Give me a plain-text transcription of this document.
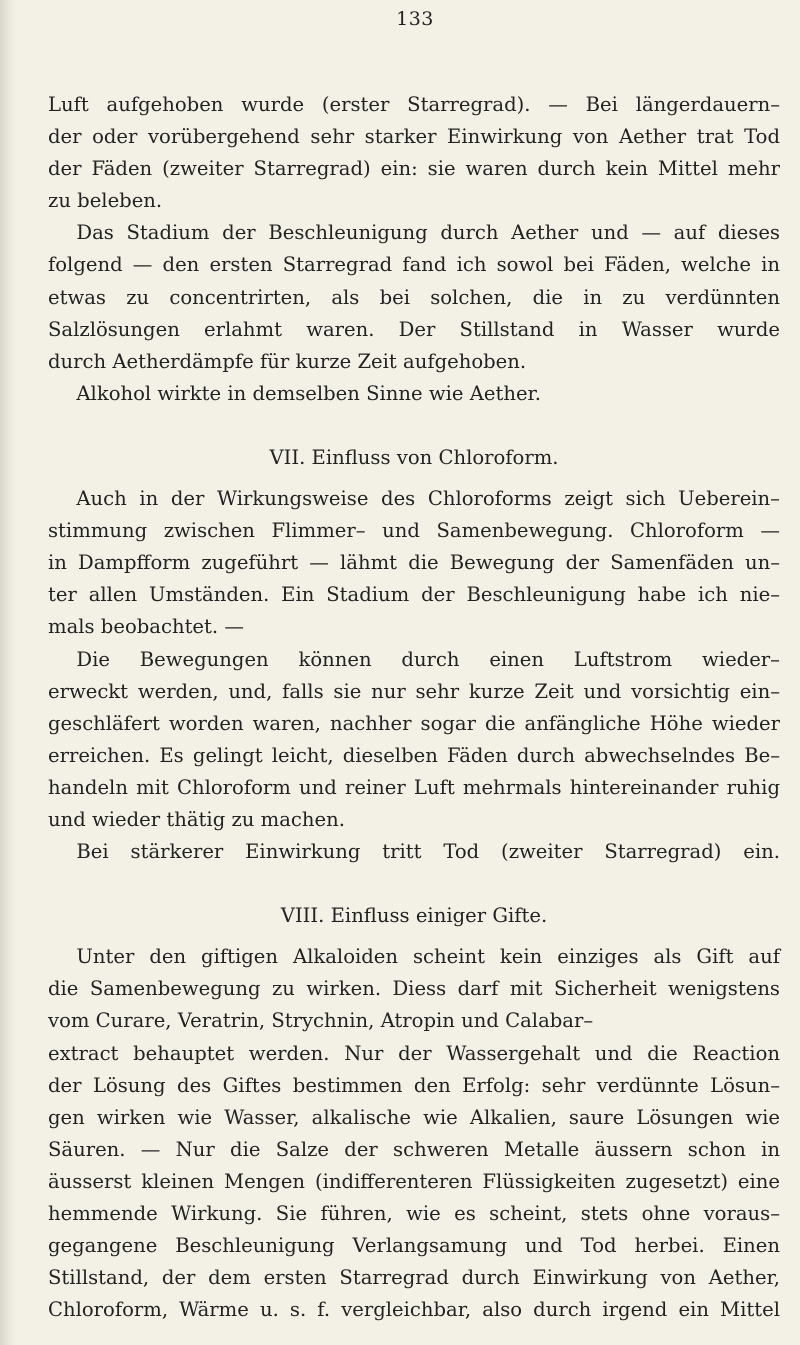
133
Luft aufgehoben wurde (erster Starregrad). — Bei längerdauern–
der oder vorübergehend sehr starker Einwirkung von Aether trat Tod
der Fäden (zweiter Starregrad) ein: sie waren durch kein Mittel mehr
zu beleben.
Das Stadium der Beschleunigung durch Aether und — auf dieses
folgend — den ersten Starregrad fand ich sowol bei Fäden, welche in
etwas zu concentrirten, als bei solchen, die in zu verdünnten
Salzlösungen erlahmt waren. Der Stillstand in Wasser wurde
durch Aetherdämpfe für kurze Zeit aufgehoben.
Alkohol wirkte in demselben Sinne wie Aether.
VII. Einfluss von Chloroform.
Auch in der Wirkungsweise des Chloroforms zeigt sich Ueberein–
stimmung zwischen Flimmer– und Samenbewegung. Chloroform —
in Dampfform zugeführt — lähmt die Bewegung der Samenfäden un–
ter allen Umständen. Ein Stadium der Beschleunigung habe ich nie–
mals beobachtet. —
Die Bewegungen können durch einen Luftstrom wieder–
erweckt werden, und, falls sie nur sehr kurze Zeit und vorsichtig ein–
geschläfert worden waren, nachher sogar die anfängliche Höhe wieder
erreichen. Es gelingt leicht, dieselben Fäden durch abwechselndes Be–
handeln mit Chloroform und reiner Luft mehrmals hintereinander ruhig
und wieder thätig zu machen.
Bei stärkerer Einwirkung tritt Tod (zweiter Starregrad) ein.
VIII. Einfluss einiger Gifte.
Unter den giftigen Alkaloiden scheint kein einziges als Gift auf
die Samenbewegung zu wirken. Diess darf mit Sicherheit wenigstens
vom Curare, Veratrin, Strychnin, Atropin und Calabar–
extract behauptet werden. Nur der Wassergehalt und die Reaction
der Lösung des Giftes bestimmen den Erfolg: sehr verdünnte Lösun–
gen wirken wie Wasser, alkalische wie Alkalien, saure Lösungen wie
Säuren. — Nur die Salze der schweren Metalle äussern schon in
äusserst kleinen Mengen (indifferenteren Flüssigkeiten zugesetzt) eine
hemmende Wirkung. Sie führen, wie es scheint, stets ohne voraus–
gegangene Beschleunigung Verlangsamung und Tod herbei. Einen
Stillstand, der dem ersten Starregrad durch Einwirkung von Aether,
Chloroform, Wärme u. s. f. vergleichbar, also durch irgend ein Mittel
